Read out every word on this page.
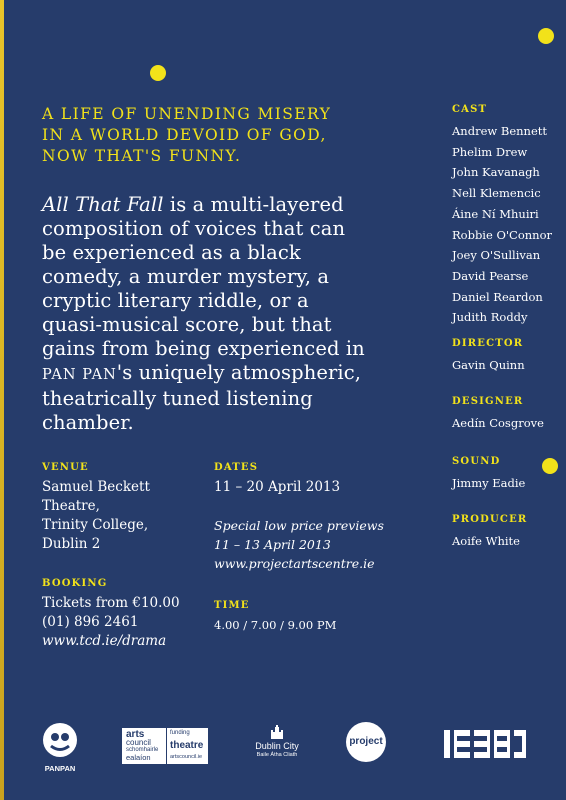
A LIFE OF UNENDING MISERY
IN A WORLD DEVOID OF GOD,
NOW THAT'S FUNNY.
All That Fall is a multi-layered composition of voices that can be experienced as a black comedy, a murder mystery, a cryptic literary riddle, or a quasi-musical score, but that gains from being experienced in PAN PAN's uniquely atmospheric, theatrically tuned listening chamber.
VENUE
Samuel Beckett
Theatre,
Trinity College,
Dublin 2
DATES
11 – 20 April 2013
Special low price previews
11 – 13 April 2013
www.projectartscentre.ie
BOOKING
Tickets from €10.00
(01) 896 2461
www.tcd.ie/drama
TIME
4.00 / 7.00 / 9.00 PM
CAST
Andrew Bennett
Phelim Drew
John Kavanagh
Nell Klemencic
Áine Ní Mhuiri
Robbie O'Connor
Joey O'Sullivan
David Pearse
Daniel Reardon
Judith Roddy
DIRECTOR
Gavin Quinn
DESIGNER
Aedín Cosgrove
SOUND
Jimmy Eadie
PRODUCER
Aoife White
PANPAN
arts
council
schomhairle
ealaíon
funding
theatre
artscouncil.ie
Dublin City
Baile Átha Cliath
project
